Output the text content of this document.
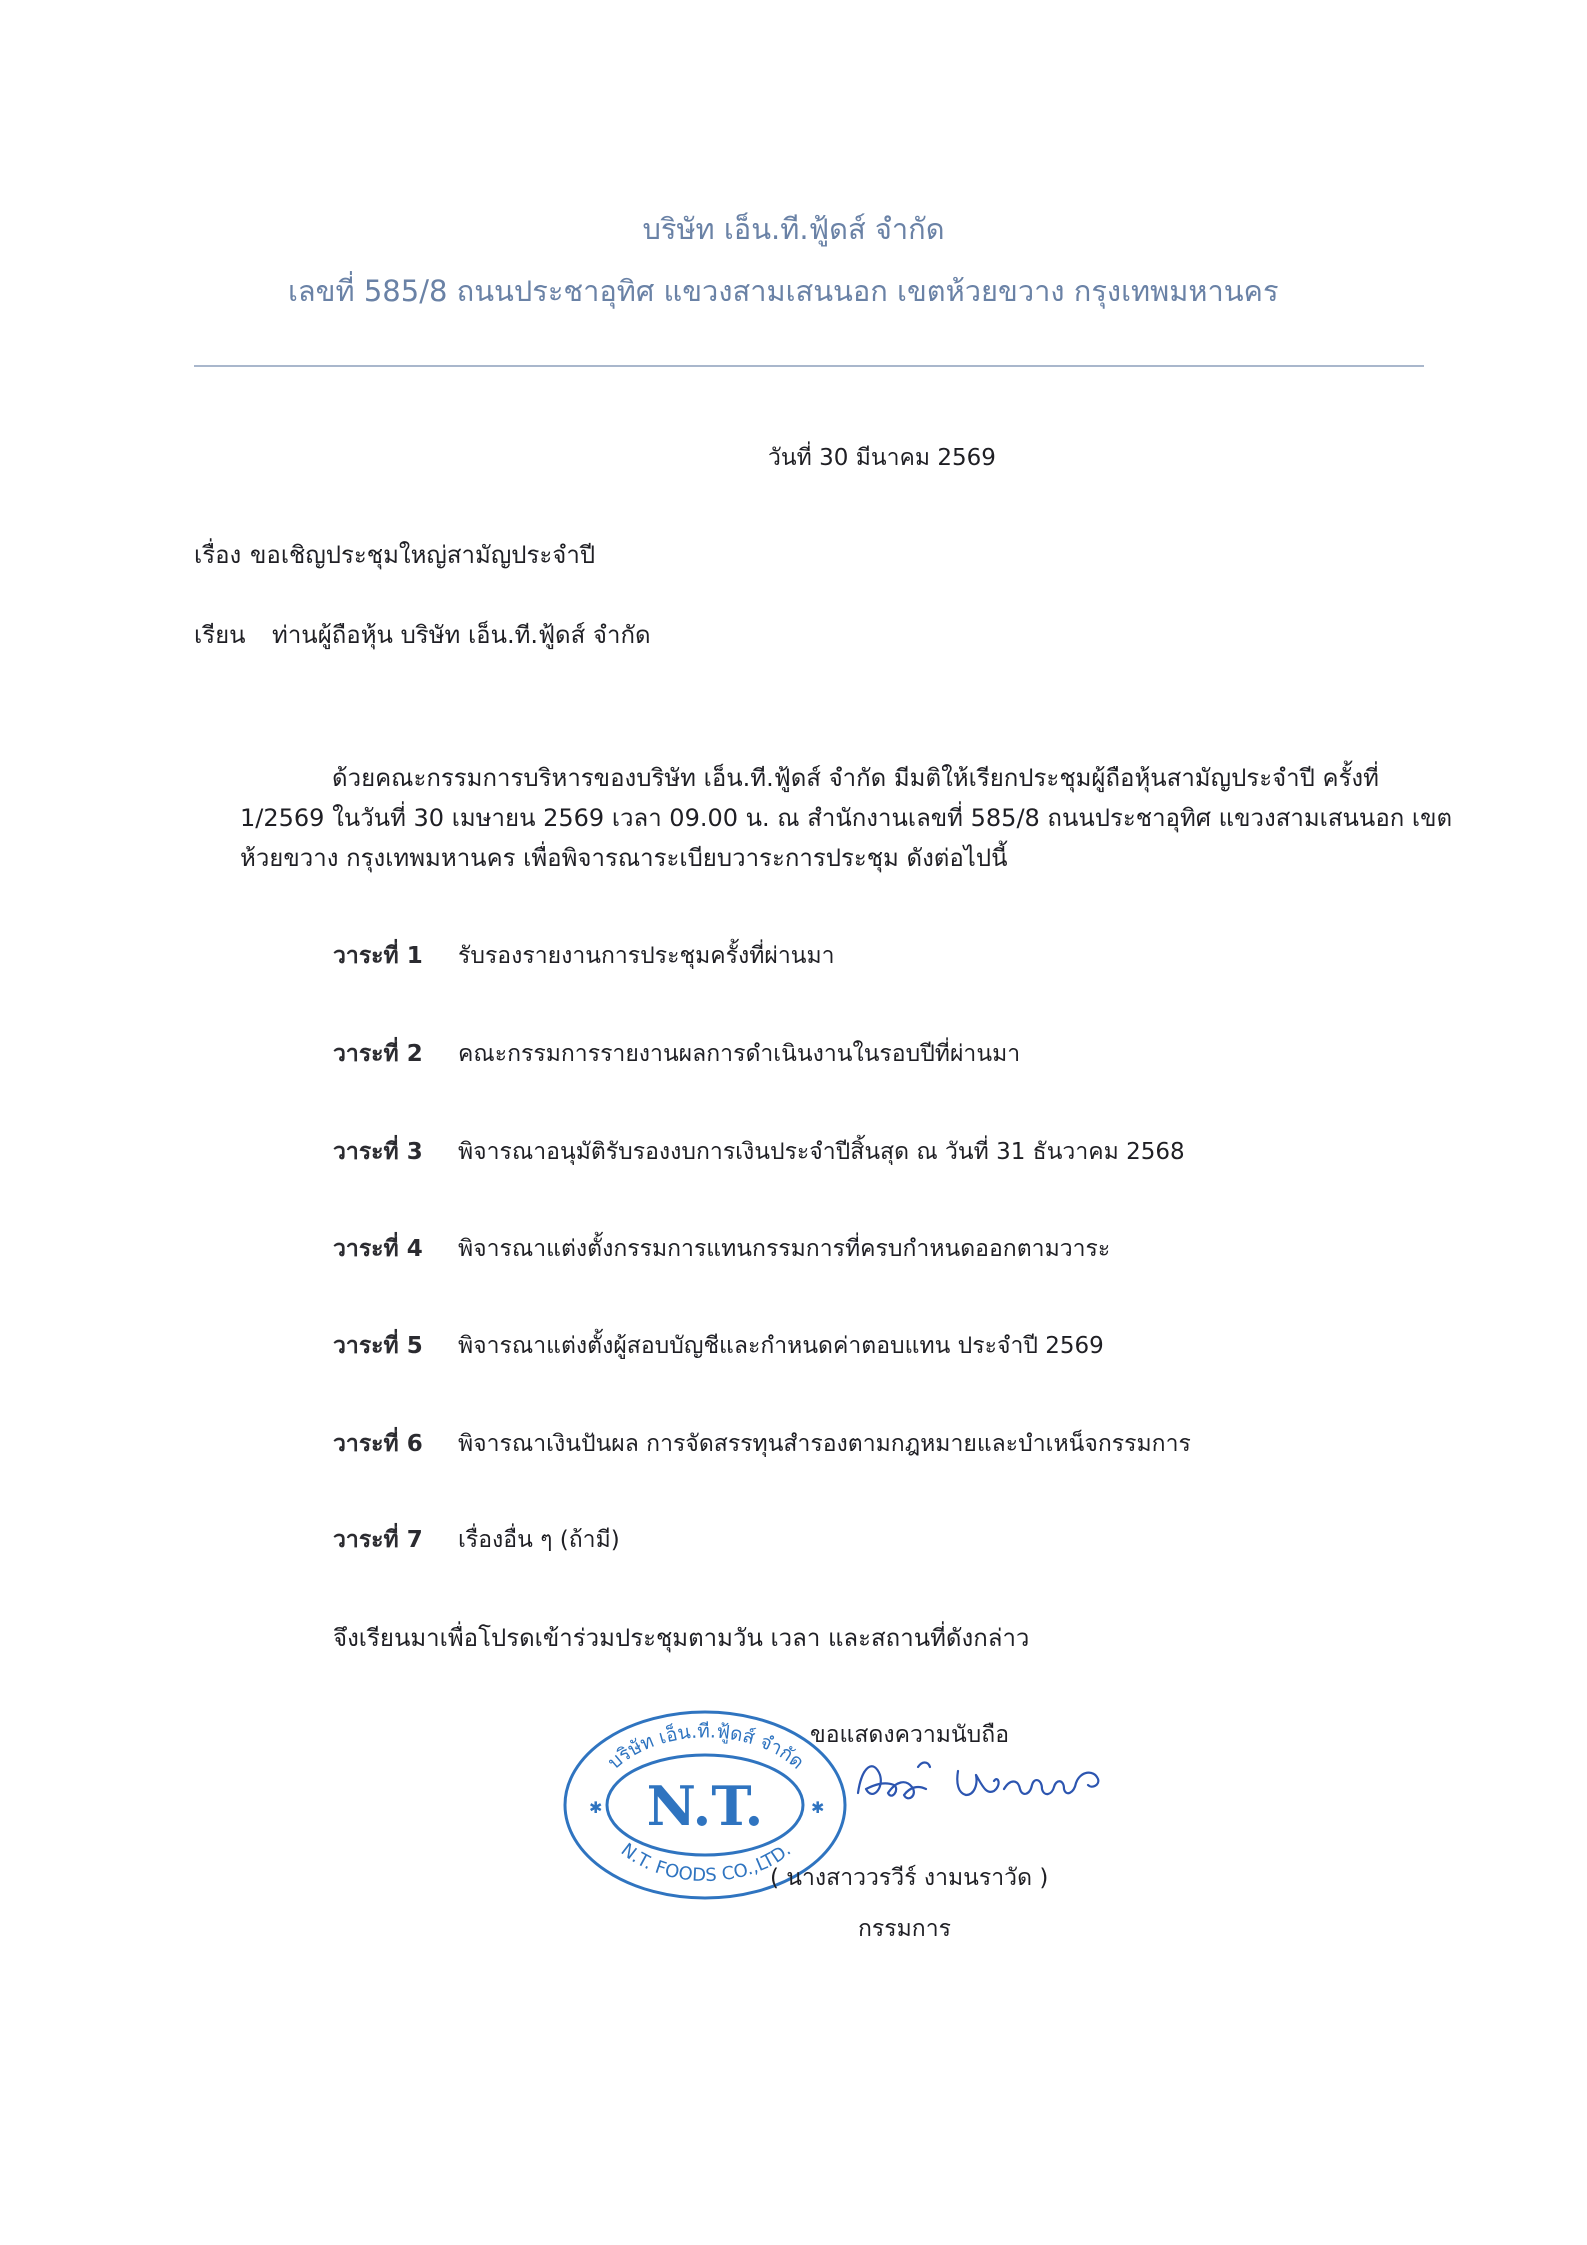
บริษัท เอ็น.ที.ฟู้ดส์ จำกัด
เลขที่ 585/8 ถนนประชาอุทิศ แขวงสามเสนนอก เขตห้วยขวาง กรุงเทพมหานคร
วันที่ 30 มีนาคม 2569
เรื่อง ขอเชิญประชุมใหญ่สามัญประจำปี
เรียน ท่านผู้ถือหุ้น บริษัท เอ็น.ที.ฟู้ดส์ จำกัด
ด้วยคณะกรรมการบริหารของบริษัท เอ็น.ที.ฟู้ดส์ จำกัด มีมติให้เรียกประชุมผู้ถือหุ้นสามัญประจำปี ครั้งที่
1/2569 ในวันที่ 30 เมษายน 2569 เวลา 09.00 น. ณ สำนักงานเลขที่ 585/8 ถนนประชาอุทิศ แขวงสามเสนนอก เขต
ห้วยขวาง กรุงเทพมหานคร เพื่อพิจารณาระเบียบวาระการประชุม ดังต่อไปนี้
วาระที่ 1 รับรองรายงานการประชุมครั้งที่ผ่านมา
วาระที่ 2 คณะกรรมการรายงานผลการดำเนินงานในรอบปีที่ผ่านมา
วาระที่ 3 พิจารณาอนุมัติรับรองงบการเงินประจำปีสิ้นสุด ณ วันที่ 31 ธันวาคม 2568
วาระที่ 4 พิจารณาแต่งตั้งกรรมการแทนกรรมการที่ครบกำหนดออกตามวาระ
วาระที่ 5 พิจารณาแต่งตั้งผู้สอบบัญชีและกำหนดค่าตอบแทน ประจำปี 2569
วาระที่ 6 พิจารณาเงินปันผล การจัดสรรทุนสำรองตามกฎหมายและบำเหน็จกรรมการ
วาระที่ 7 เรื่องอื่น ๆ (ถ้ามี)
จึงเรียนมาเพื่อโปรดเข้าร่วมประชุมตามวัน เวลา และสถานที่ดังกล่าว
บริษัท เอ็น.ที.ฟู้ดส์ จำกัด
N.T.
N.T. FOODS CO.,LTD.
✱	✱
ขอแสดงความนับถือ
( นางสาววรวีร์ งามนราวัด )
กรรมการ
